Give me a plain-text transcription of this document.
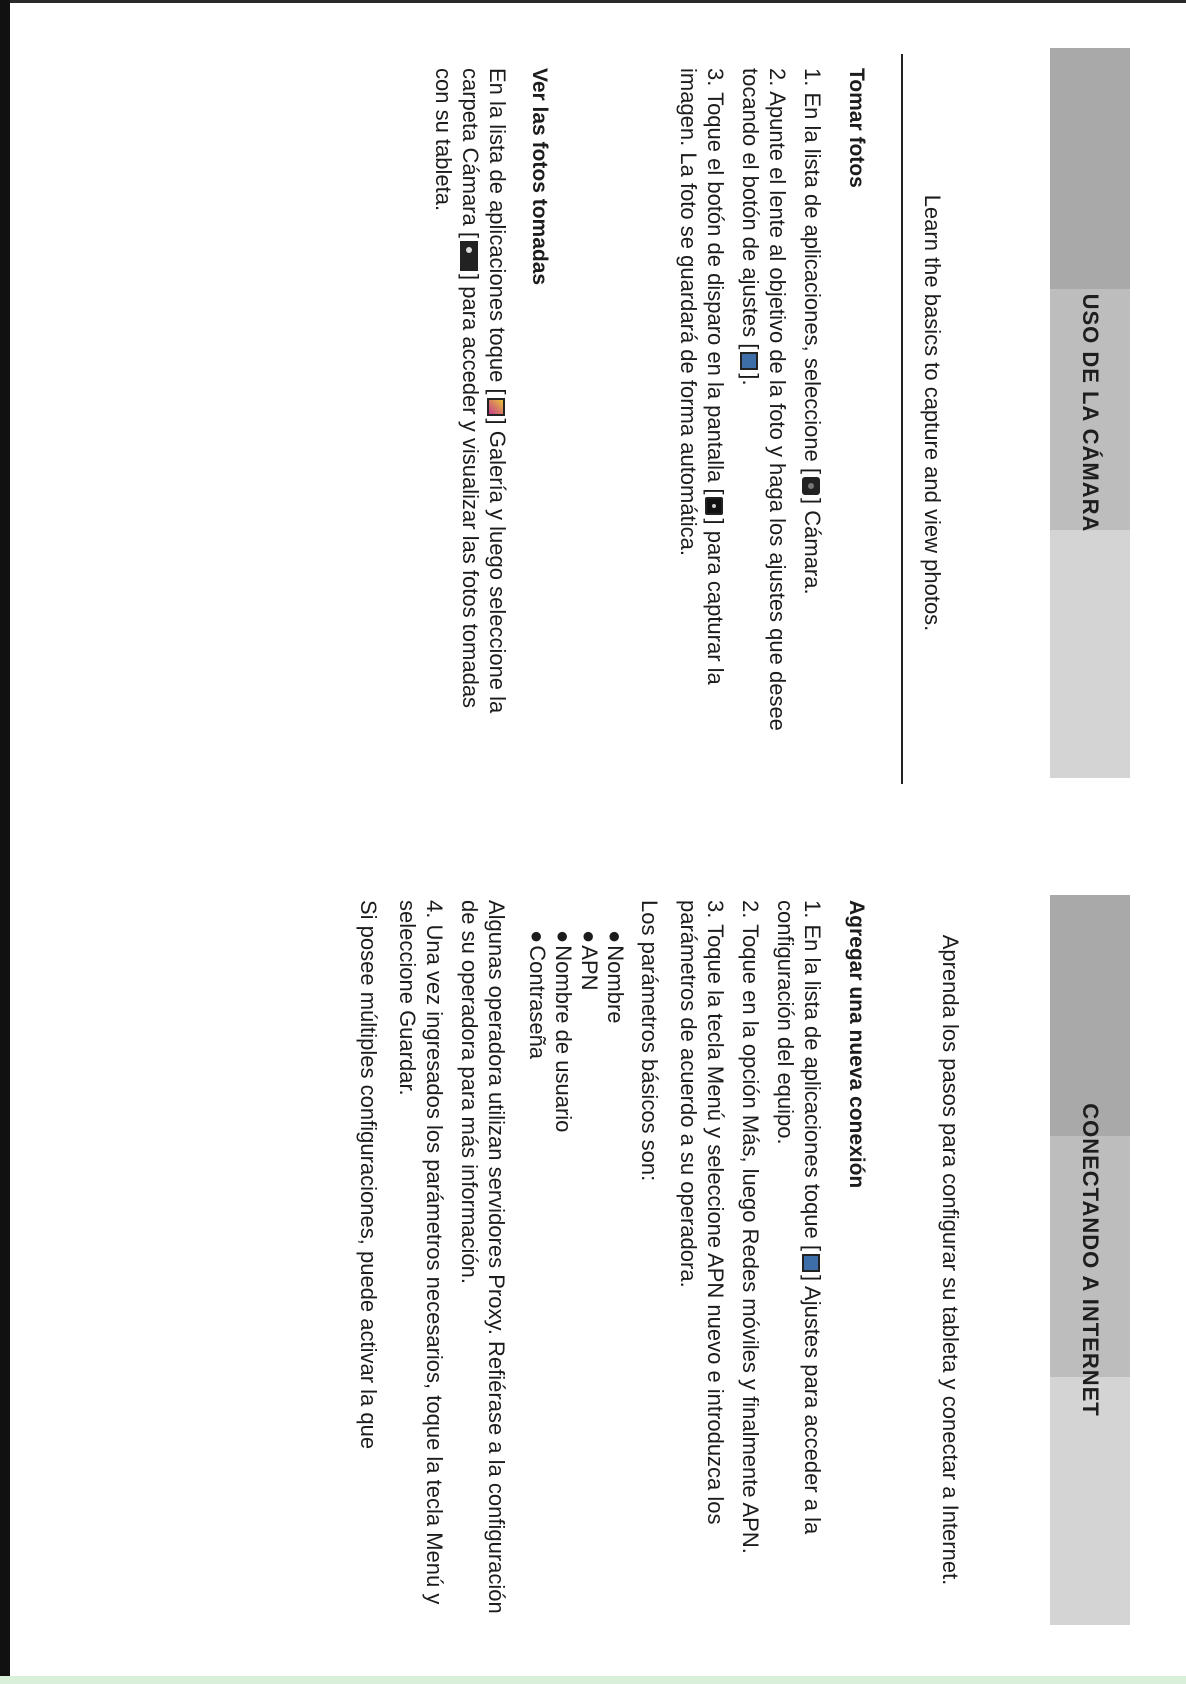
USO DE LA CÁMARA
Learn the basics to capture and view photos.
Tomar fotos

1. En la lista de aplicaciones, seleccione [] Cámara.

2. Apunte el lente al objetivo de la foto y haga los ajustes que desee tocando el botón de ajustes [].

3. Toque el botón de disparo en la pantalla [] para capturar la imagen. La foto se guardará de forma automática.

Ver las fotos tomadas

En la lista de aplicaciones toque [] Galería y luego seleccione la carpeta Cámara [] para acceder y visualizar las fotos tomadas con su tableta.

CONECTANDO A INTERNET
Aprenda los pasos para configurar su tableta y conectar a Internet.
Agregar una nueva conexión

1. En la lista de aplicaciones toque [] Ajustes para acceder a la configuración del equipo.

2. Toque en la opción Más, luego Redes móviles y finalmente APN.

3. Toque la tecla Menú y seleccione APN nuevo e introduzca los parámetros de acuerdo a su operadora.

Los parámetros básicos son:

● Nombre
● APN
● Nombre de usuario
● Contraseña

Algunas operadora utilizan servidores Proxy. Refiérase a la configuración de su operadora para más información.

4. Una vez ingresados los parámetros necesarios, toque la tecla Menú y seleccione Guardar.

Si posee múltiples configuraciones, puede activar la que
